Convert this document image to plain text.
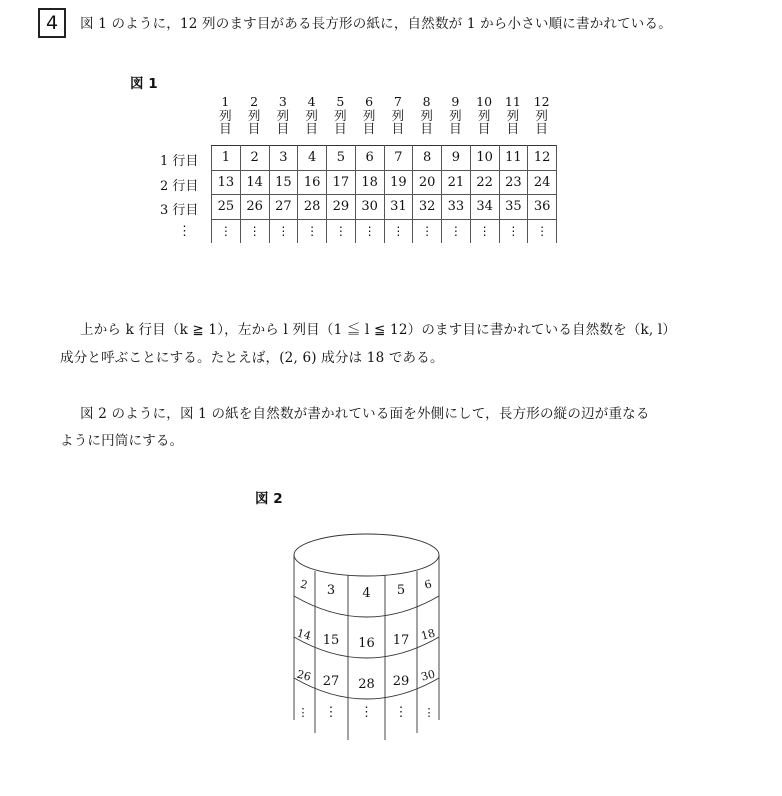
4 図 1 のように，12 列のます目がある長方形の紙に，自然数が 1 から小さい順に書かれている。
図 1
1
列
目
2
列
目
3
列
目
4
列
目
5
列
目
6
列
目
7
列
目
8
列
目
9
列
目
10
列
目
11
列
目
12
列
目
1 行目
2 行目
3 行目
⋮
1	2	3	4	5	6	7	8	9	10	11	12
13	14	15	16	17	18	19	20	21	22	23	24
25	26	27	28	29	30	31	32	33	34	35	36
⋮	⋮	⋮	⋮	⋮	⋮	⋮	⋮	⋮	⋮	⋮	⋮
上から k 行目（k ≧ 1），左から l 列目（1 ≦ l ≦ 12）のます目に書かれている自然数を（k, l）
成分と呼ぶことにする。たとえば，(2, 6) 成分は 18 である。
図 2 のように，図 1 の紙を自然数が書かれている面を外側にして，長方形の縦の辺が重なる
ように円筒にする。
図 2
2 3 4 5 6
14 15 16 17 18
26 27 28 29 30
⋮ ⋮ ⋮ ⋮ ⋮
